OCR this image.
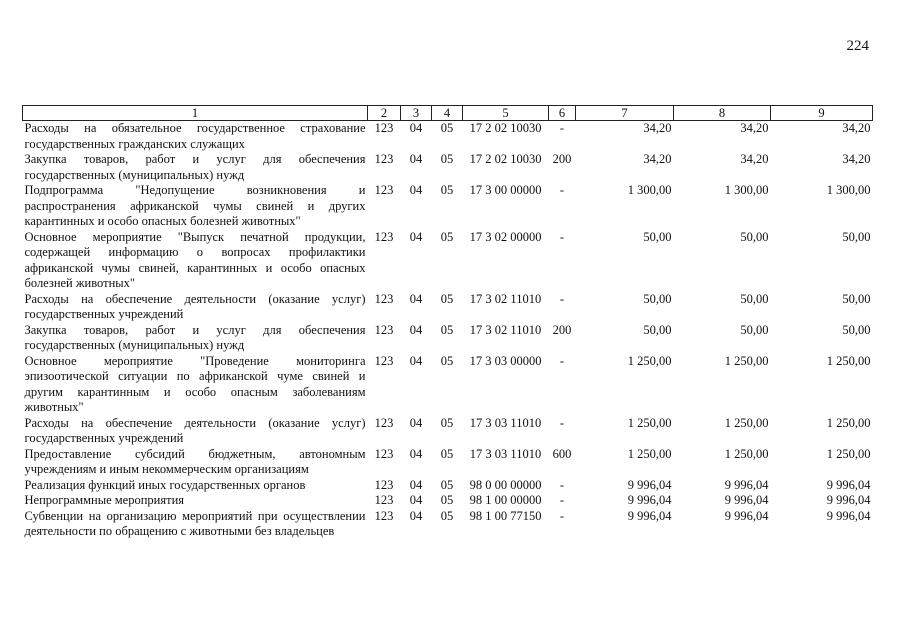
224
1	2	3	4	5	6	7	8	9
Расходы на обязательное государственное страхование государственных гражданских служащих	123	04	05	17 2 02 10030	-	34,20	34,20	34,20
Закупка товаров, работ и услуг для обеспечения государственных (муниципальных) нужд	123	04	05	17 2 02 10030	200	34,20	34,20	34,20
Подпрограмма "Недопущение возникновения и распространения африканской чумы свиней и других карантинных и особо опасных болезней животных"	123	04	05	17 3 00 00000	-	1 300,00	1 300,00	1 300,00
Основное мероприятие "Выпуск печатной продукции, содержащей информацию о вопросах профилактики африканской чумы свиней, карантинных и особо опасных болезней животных"	123	04	05	17 3 02 00000	-	50,00	50,00	50,00
Расходы на обеспечение деятельности (оказание услуг) государственных учреждений	123	04	05	17 3 02 11010	-	50,00	50,00	50,00
Закупка товаров, работ и услуг для обеспечения государственных (муниципальных) нужд	123	04	05	17 3 02 11010	200	50,00	50,00	50,00
Основное мероприятие "Проведение мониторинга эпизоотической ситуации по африканской чуме свиней и другим карантинным и особо опасным заболеваниям животных"	123	04	05	17 3 03 00000	-	1 250,00	1 250,00	1 250,00
Расходы на обеспечение деятельности (оказание услуг) государственных учреждений	123	04	05	17 3 03 11010	-	1 250,00	1 250,00	1 250,00
Предоставление субсидий бюджетным, автономным учреждениям и иным некоммерческим организациям	123	04	05	17 3 03 11010	600	1 250,00	1 250,00	1 250,00
Реализация функций иных государственных органов	123	04	05	98 0 00 00000	-	9 996,04	9 996,04	9 996,04
Непрограммные мероприятия	123	04	05	98 1 00 00000	-	9 996,04	9 996,04	9 996,04
Субвенции на организацию мероприятий при осуществлении деятельности по обращению с животными без владельцев	123	04	05	98 1 00 77150	-	9 996,04	9 996,04	9 996,04
